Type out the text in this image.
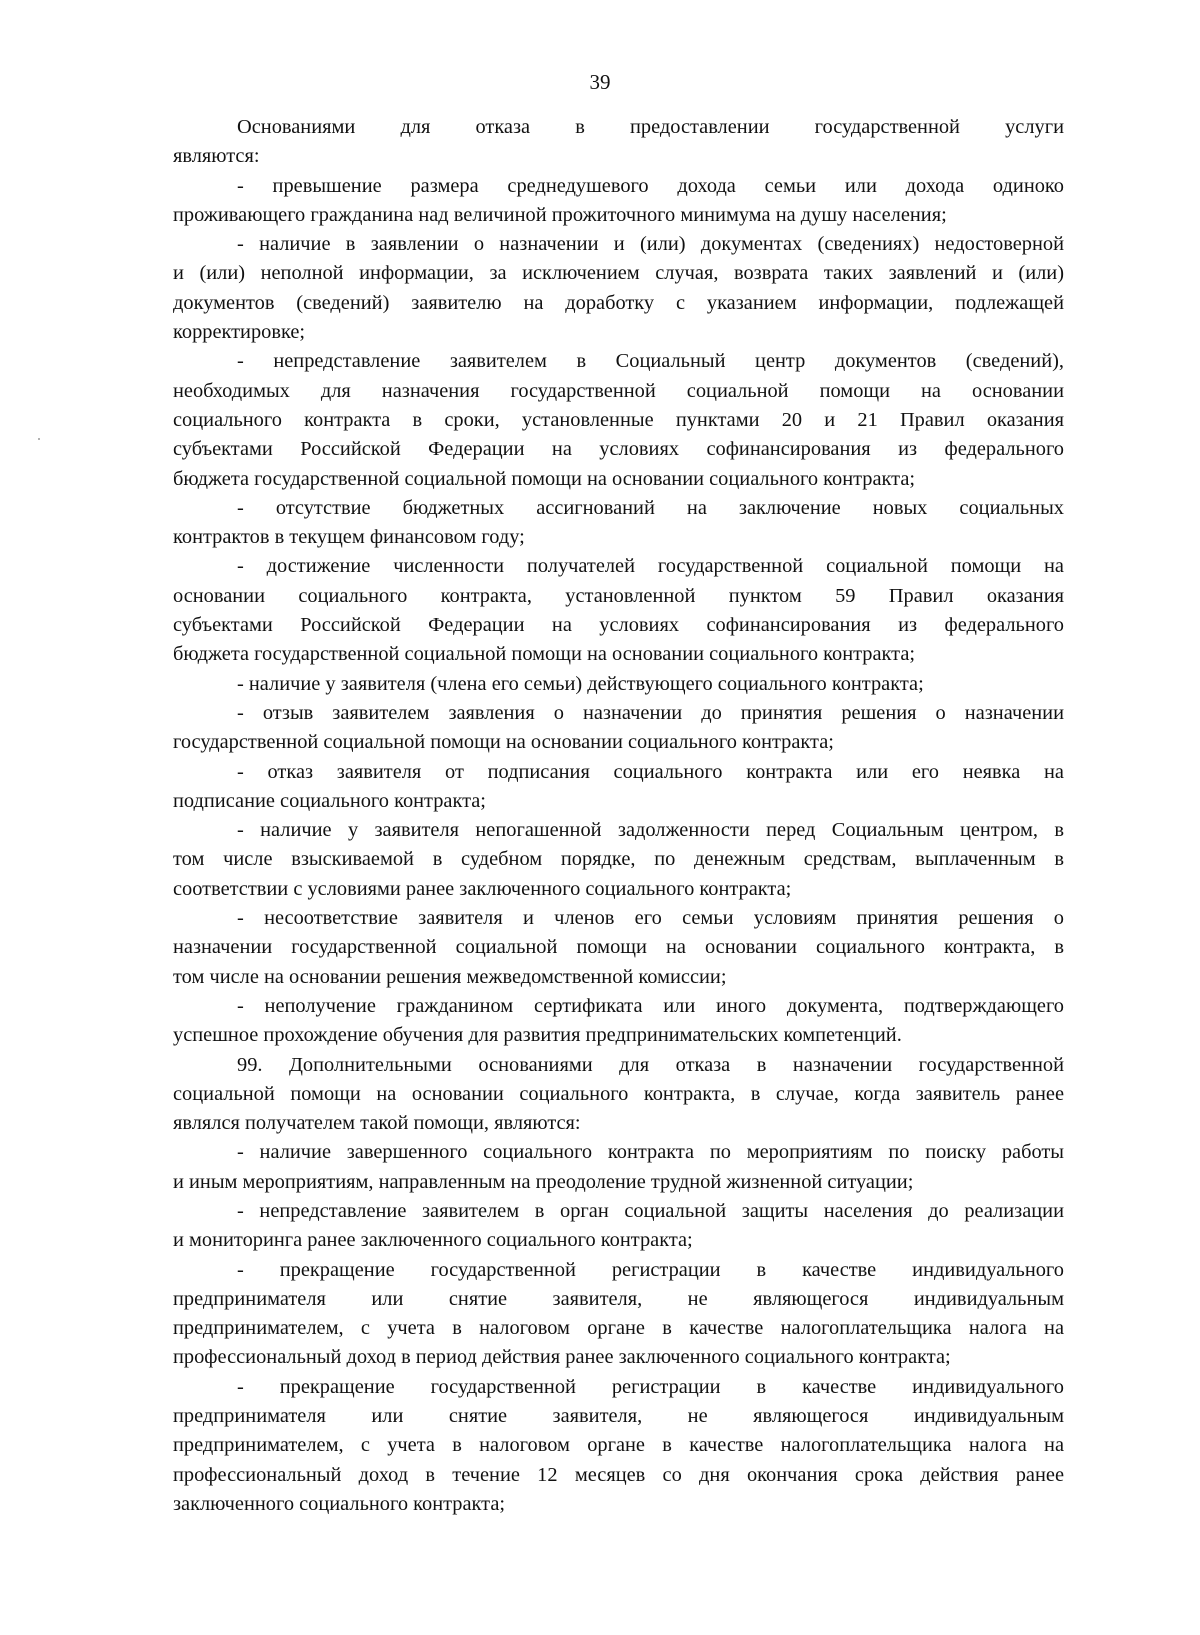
39
Основаниями для отказа в предоставлении государственной услуги
являются:
- превышение размера среднедушевого дохода семьи или дохода одиноко
проживающего гражданина над величиной прожиточного минимума на душу населения;
- наличие в заявлении о назначении и (или) документах (сведениях) недостоверной
и (или) неполной информации, за исключением случая, возврата таких заявлений и (или)
документов (сведений) заявителю на доработку с указанием информации, подлежащей
корректировке;
- непредставление заявителем в Социальный центр документов (сведений),
необходимых для назначения государственной социальной помощи на основании
социального контракта в сроки, установленные пунктами 20 и 21 Правил оказания
субъектами Российской Федерации на условиях софинансирования из федерального
бюджета государственной социальной помощи на основании социального контракта;
- отсутствие бюджетных ассигнований на заключение новых социальных
контрактов в текущем финансовом году;
- достижение численности получателей государственной социальной помощи на
основании социального контракта, установленной пунктом 59 Правил оказания
субъектами Российской Федерации на условиях софинансирования из федерального
бюджета государственной социальной помощи на основании социального контракта;
- наличие у заявителя (члена его семьи) действующего социального контракта;
- отзыв заявителем заявления о назначении до принятия решения о назначении
государственной социальной помощи на основании социального контракта;
- отказ заявителя от подписания социального контракта или его неявка на
подписание социального контракта;
- наличие у заявителя непогашенной задолженности перед Социальным центром, в
том числе взыскиваемой в судебном порядке, по денежным средствам, выплаченным в
соответствии с условиями ранее заключенного социального контракта;
- несоответствие заявителя и членов его семьи условиям принятия решения о
назначении государственной социальной помощи на основании социального контракта, в
том числе на основании решения межведомственной комиссии;
- неполучение гражданином сертификата или иного документа, подтверждающего
успешное прохождение обучения для развития предпринимательских компетенций.
99. Дополнительными основаниями для отказа в назначении государственной
социальной помощи на основании социального контракта, в случае, когда заявитель ранее
являлся получателем такой помощи, являются:
- наличие завершенного социального контракта по мероприятиям по поиску работы
и иным мероприятиям, направленным на преодоление трудной жизненной ситуации;
- непредставление заявителем в орган социальной защиты населения до реализации
и мониторинга ранее заключенного социального контракта;
- прекращение государственной регистрации в качестве индивидуального
предпринимателя или снятие заявителя, не являющегося индивидуальным
предпринимателем, с учета в налоговом органе в качестве налогоплательщика налога на
профессиональный доход в период действия ранее заключенного социального контракта;
- прекращение государственной регистрации в качестве индивидуального
предпринимателя или снятие заявителя, не являющегося индивидуальным
предпринимателем, с учета в налоговом органе в качестве налогоплательщика налога на
профессиональный доход в течение 12 месяцев со дня окончания срока действия ранее
заключенного социального контракта;
